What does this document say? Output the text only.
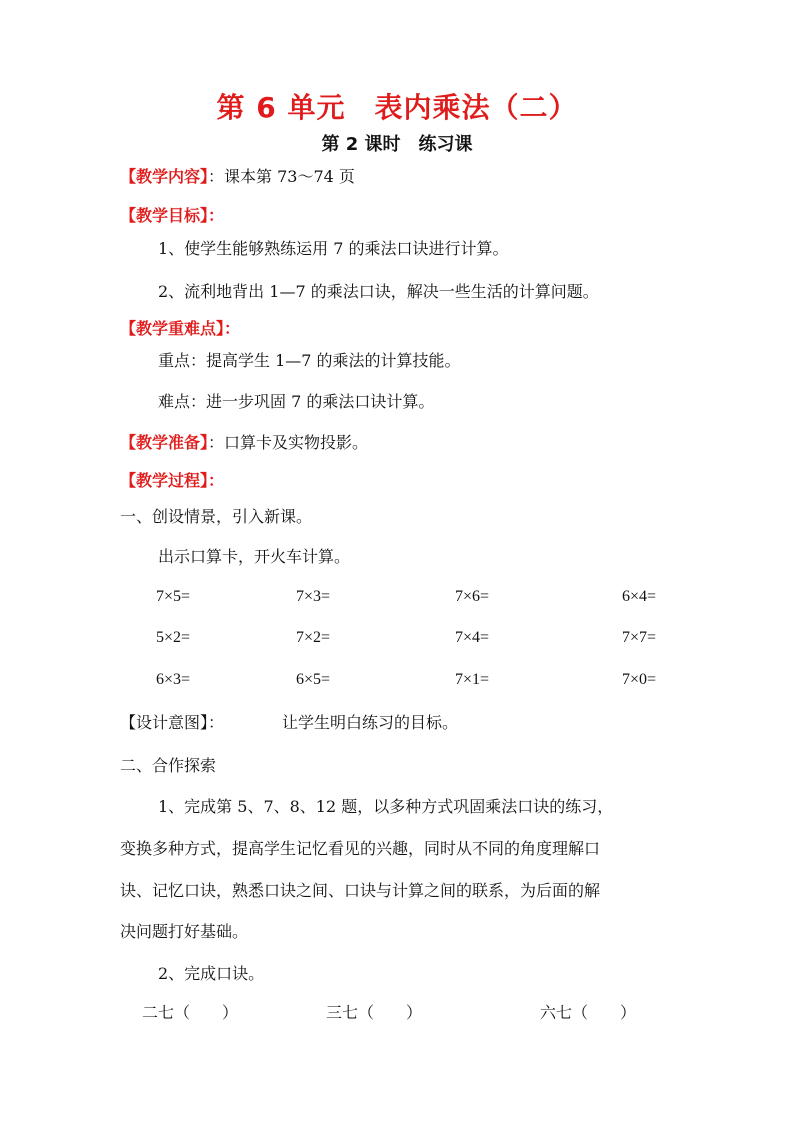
第 6 单元　表内乘法（二）
第 2 课时　练习课
【教学内容】：课本第 73～74 页
【教学目标】：
1、使学生能够熟练运用 7 的乘法口诀进行计算。
2、流利地背出 1—7 的乘法口诀，解决一些生活的计算问题。
【教学重难点】：
重点：提高学生 1—7 的乘法的计算技能。
难点：进一步巩固 7 的乘法口诀计算。
【教学准备】：口算卡及实物投影。
【教学过程】：
一、创设情景，引入新课。
出示口算卡，开火车计算。
7×5=	7×3=	7×6=	6×4=
5×2=	7×2=	7×4=	7×7=
6×3=	6×5=	7×1=	7×0=
【设计意图】：	让学生明白练习的目标。
二、合作探索
1、完成第 5、7、8、12 题，以多种方式巩固乘法口诀的练习，
变换多种方式，提高学生记忆看见的兴趣，同时从不同的角度理解口
诀、记忆口诀，熟悉口诀之间、口诀与计算之间的联系，为后面的解
决问题打好基础。
2、完成口诀。
二七（　　）	三七（　　）	六七（　　）
